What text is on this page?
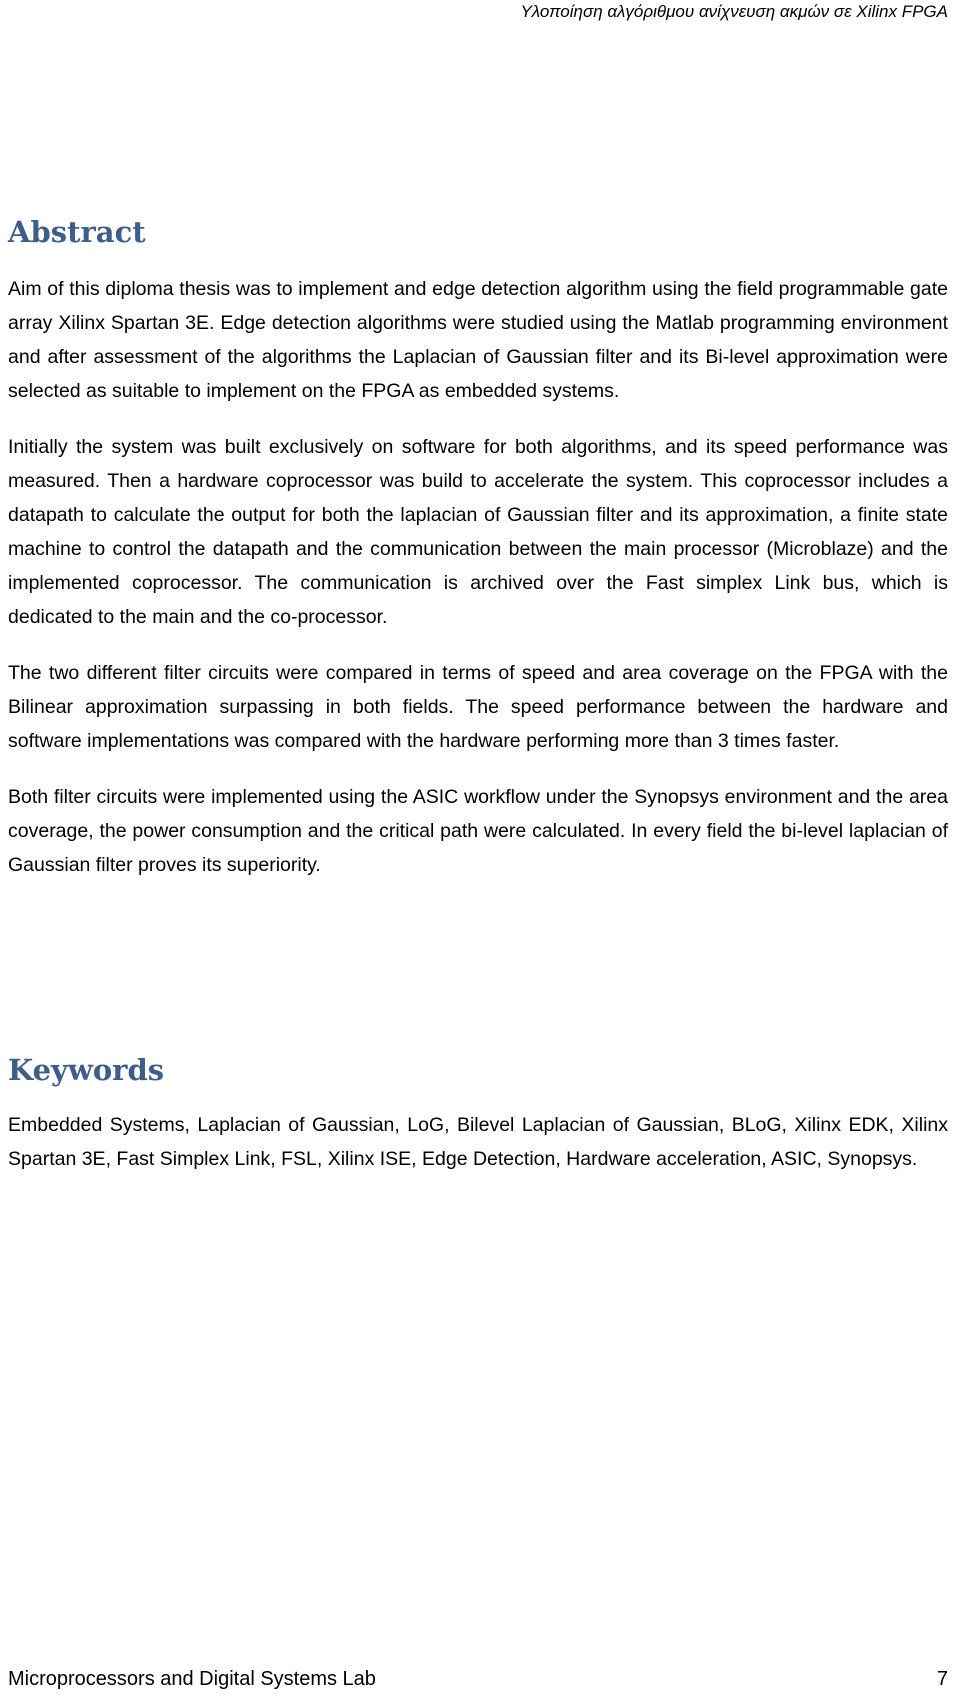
Υλοποίηση αλγόριθμου ανίχνευση ακμών σε Xilinx FPGA
Abstract

Aim of this diploma thesis was to implement and edge detection algorithm using the field programmable gate array Xilinx Spartan 3E. Edge detection algorithms were studied using the Matlab programming environment and after assessment of the algorithms the Laplacian of Gaussian filter and its Bi-level approximation were selected as suitable to implement on the FPGA as embedded systems.

Initially the system was built exclusively on software for both algorithms, and its speed performance was measured. Then a hardware coprocessor was build to accelerate the system. This coprocessor includes a datapath to calculate the output for both the laplacian of Gaussian filter and its approximation, a finite state machine to control the datapath and the communication between the main processor (Microblaze) and the implemented coprocessor. The communication is archived over the Fast simplex Link bus, which is dedicated to the main and the co-processor.

The two different filter circuits were compared in terms of speed and area coverage on the FPGA with the Bilinear approximation surpassing in both fields. The speed performance between the hardware and software implementations was compared with the hardware performing more than 3 times faster.

Both filter circuits were implemented using the ASIC workflow under the Synopsys environment and the area coverage, the power consumption and the critical path were calculated. In every field the bi-level laplacian of Gaussian filter proves its superiority.

Keywords

Embedded Systems, Laplacian of Gaussian, LoG, Bilevel Laplacian of Gaussian, BLoG, Xilinx EDK, Xilinx Spartan 3E, Fast Simplex Link, FSL, Xilinx ISE, Edge Detection, Hardware acceleration, ASIC, Synopsys.

Microprocessors and Digital Systems Lab	7
